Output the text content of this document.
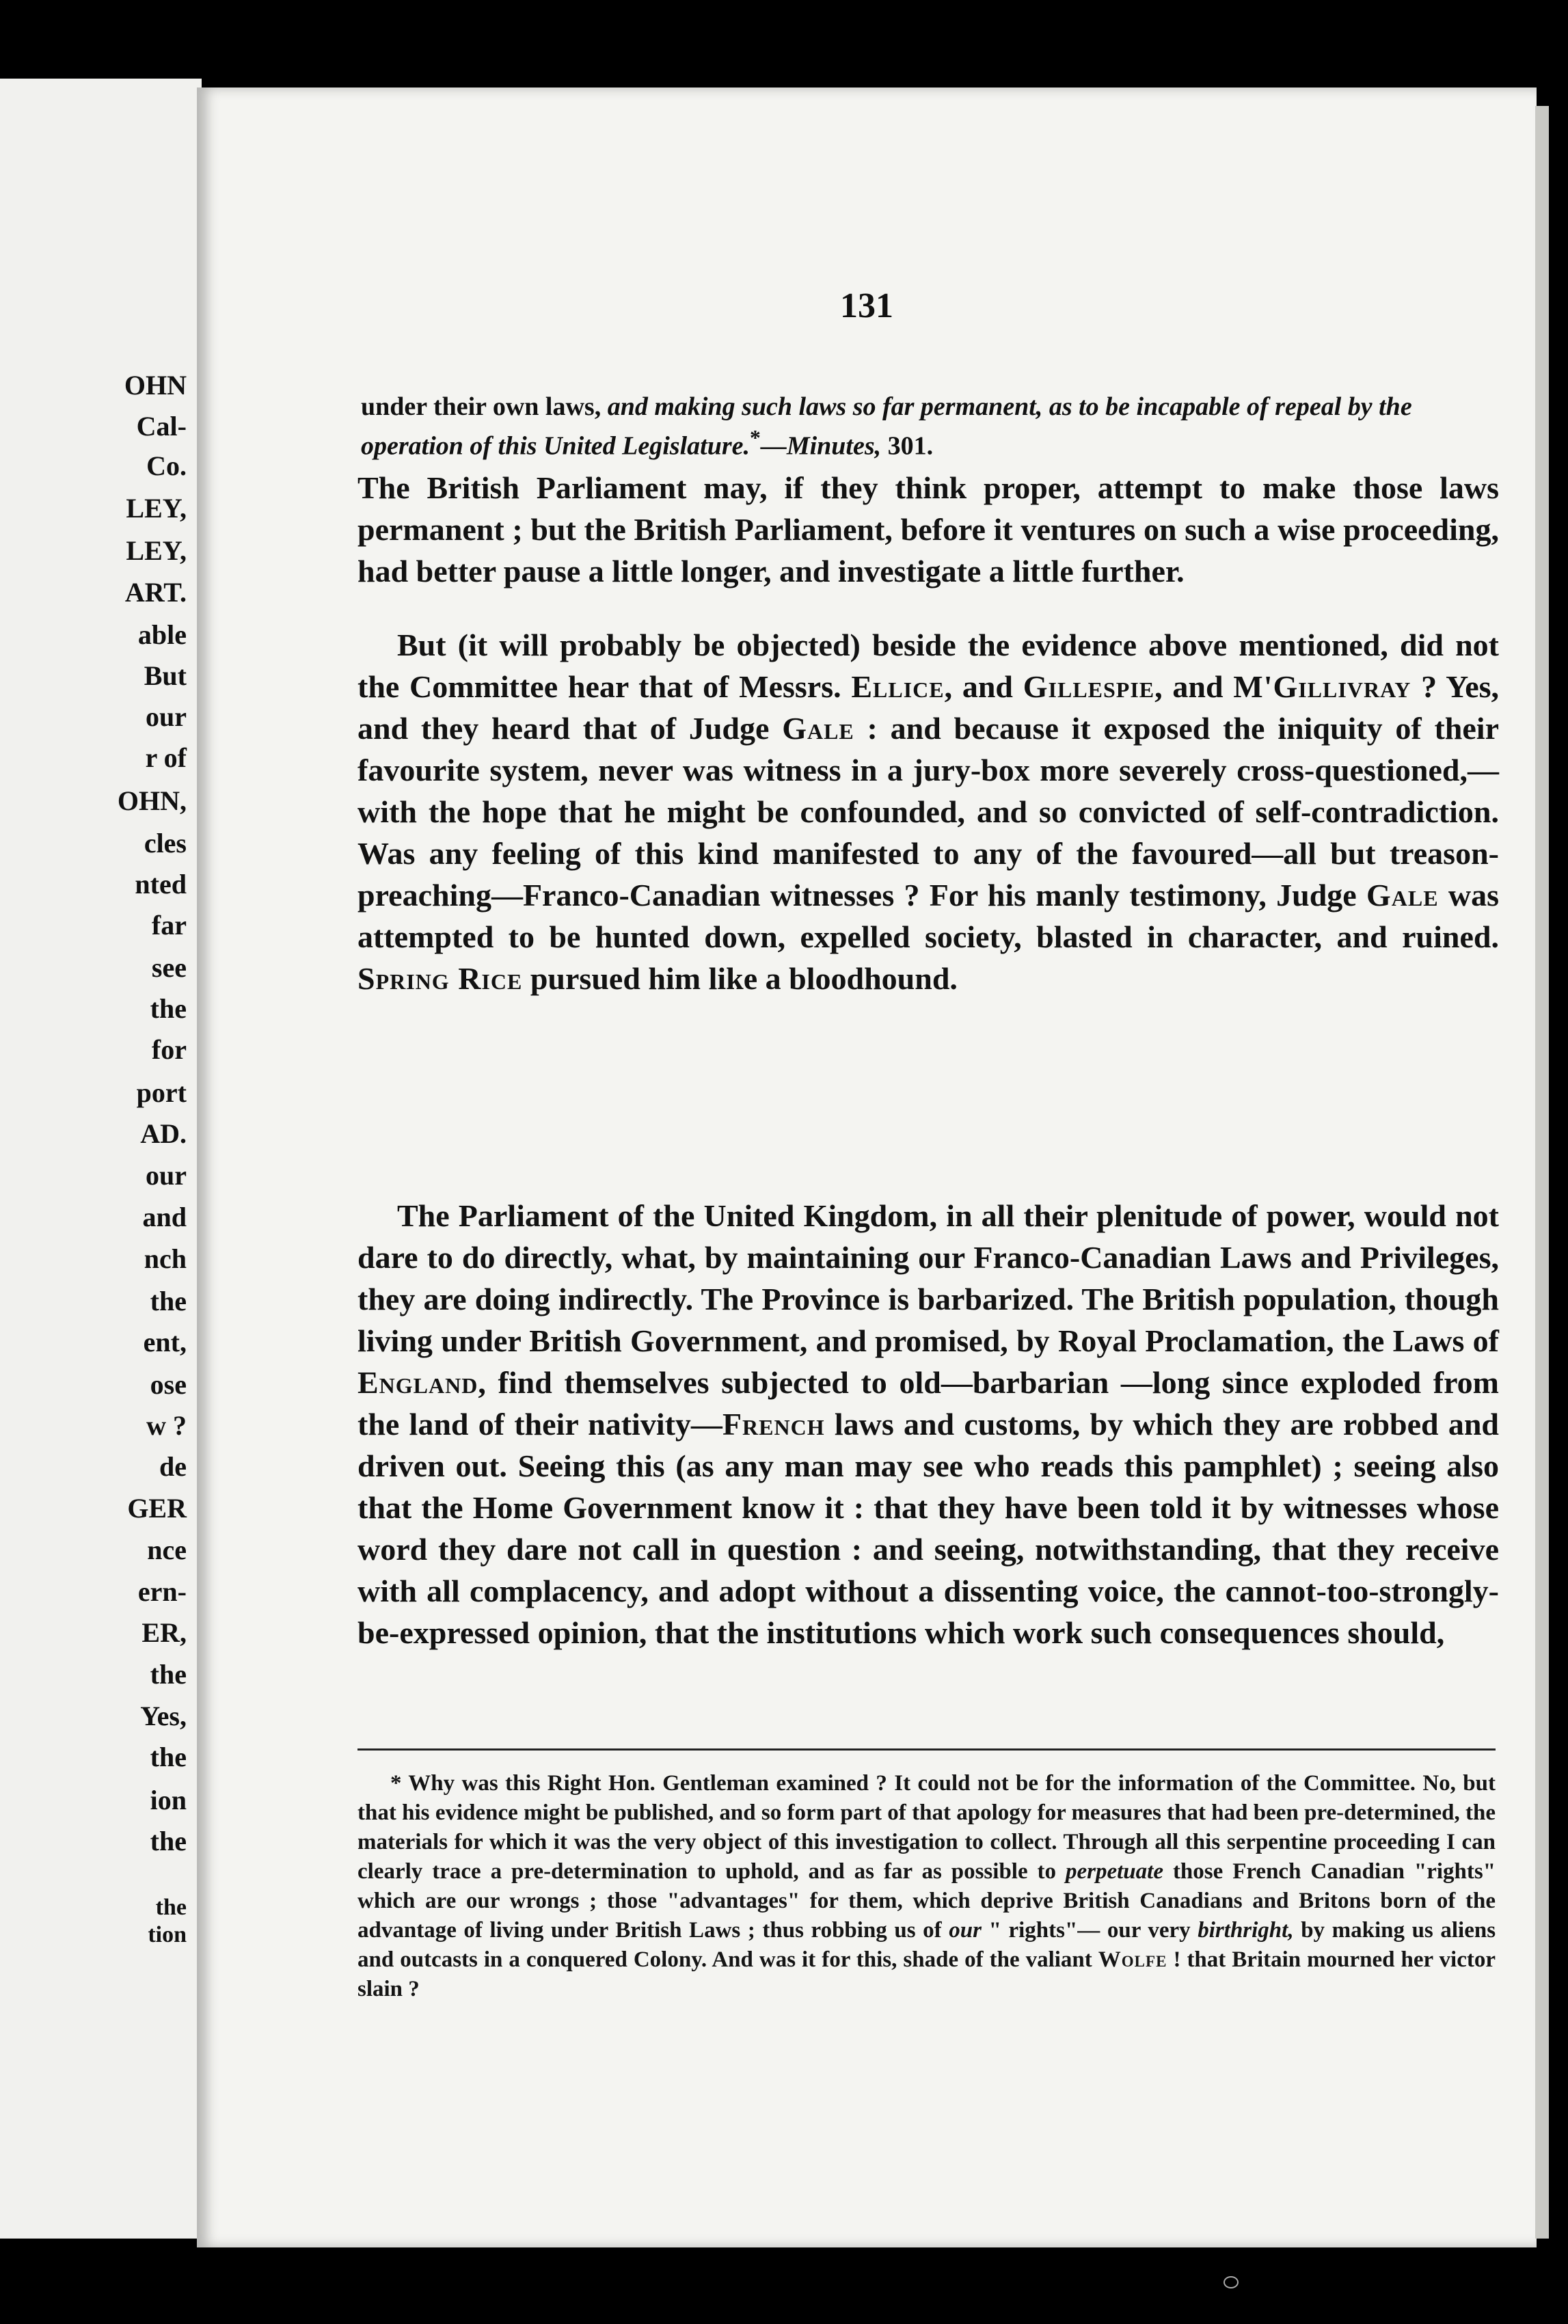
OHN
Cal-
Co.
LEY,
LEY,
ART.
able
But
our
r of
OHN,
cles
nted
far
see
the
for
port
AD.
our
and
nch
the
ent,
ose
w ?
de
GER
nce
ern-
ER,
the
Yes,
the
ion
the
the
tion
131
under their own laws, and making such laws so far permanent, as to be incapable of repeal by the operation of this United Legislature.*—Minutes, 301.
The British Parliament may, if they think proper, attempt to make those laws permanent ; but the British Parliament, before it ventures on such a wise proceeding, had better pause a little longer, and investigate a little further.
But (it will probably be objected) beside the evidence above mentioned, did not the Committee hear that of Messrs. Ellice, and Gillespie, and M'Gillivray ? Yes, and they heard that of Judge Gale : and because it exposed the iniquity of their favourite system, never was witness in a jury-box more severely cross-questioned,—with the hope that he might be confounded, and so convicted of self-contradiction. Was any feeling of this kind manifested to any of the favoured—all but treason-preaching—Franco-Canadian witnesses ? For his manly testimony, Judge Gale was attempted to be hunted down, expelled society, blasted in character, and ruined. Spring Rice pursued him like a bloodhound.
The Parliament of the United Kingdom, in all their plenitude of power, would not dare to do directly, what, by maintaining our Franco-Canadian Laws and Privileges, they are doing indirectly. The Province is barbarized. The British population, though living under British Government, and promised, by Royal Proclamation, the Laws of England, find themselves subjected to old—barbarian —long since exploded from the land of their nativity—French laws and customs, by which they are robbed and driven out. Seeing this (as any man may see who reads this pamphlet) ; seeing also that the Home Government know it : that they have been told it by witnesses whose word they dare not call in question : and seeing, notwithstanding, that they receive with all complacency, and adopt without a dissenting voice, the cannot-too-strongly-be-expressed opinion, that the institutions which work such consequences should,
* Why was this Right Hon. Gentleman examined ? It could not be for the information of the Committee. No, but that his evidence might be published, and so form part of that apology for measures that had been pre-determined, the materials for which it was the very object of this investigation to collect. Through all this serpentine proceeding I can clearly trace a pre-determination to uphold, and as far as possible to perpetuate those French Canadian "rights" which are our wrongs ; those "advantages" for them, which deprive British Canadians and Britons born of the advantage of living under British Laws ; thus robbing us of our " rights"— our very birthright, by making us aliens and outcasts in a conquered Colony. And was it for this, shade of the valiant Wolfe ! that Britain mourned her victor slain ?
